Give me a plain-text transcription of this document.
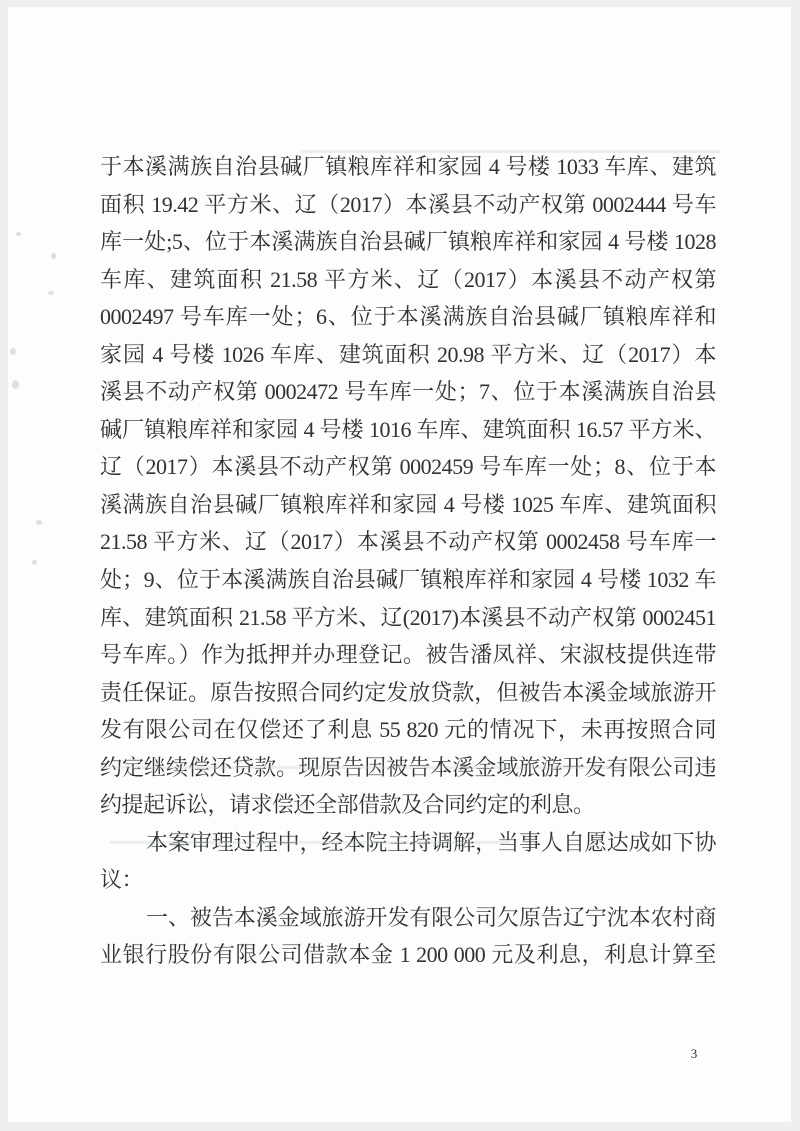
于本溪满族自治县碱厂镇粮库祥和家园 4 号楼 1033 车库、建筑
面积 19.42 平方米、辽（2017）本溪县不动产权第 0002444 号车
库一处;5、位于本溪满族自治县碱厂镇粮库祥和家园 4 号楼 1028
车库、建筑面积 21.58 平方米、辽（2017）本溪县不动产权第
0002497 号车库一处；6、位于本溪满族自治县碱厂镇粮库祥和
家园 4 号楼 1026 车库、建筑面积 20.98 平方米、辽（2017）本
溪县不动产权第 0002472 号车库一处；7、位于本溪满族自治县
碱厂镇粮库祥和家园 4 号楼 1016 车库、建筑面积 16.57 平方米、
辽（2017）本溪县不动产权第 0002459 号车库一处；8、位于本
溪满族自治县碱厂镇粮库祥和家园 4 号楼 1025 车库、建筑面积
21.58 平方米、辽（2017）本溪县不动产权第 0002458 号车库一
处；9、位于本溪满族自治县碱厂镇粮库祥和家园 4 号楼 1032 车
库、建筑面积 21.58 平方米、辽(2017)本溪县不动产权第 0002451
号车库。）作为抵押并办理登记。被告潘凤祥、宋淑枝提供连带
责任保证。原告按照合同约定发放贷款，但被告本溪金域旅游开
发有限公司在仅偿还了利息 55 820 元的情况下，未再按照合同
约定继续偿还贷款。现原告因被告本溪金域旅游开发有限公司违
约提起诉讼，请求偿还全部借款及合同约定的利息。
本案审理过程中，经本院主持调解，当事人自愿达成如下协
议：
一、被告本溪金域旅游开发有限公司欠原告辽宁沈本农村商
业银行股份有限公司借款本金 1 200 000 元及利息，利息计算至
3
